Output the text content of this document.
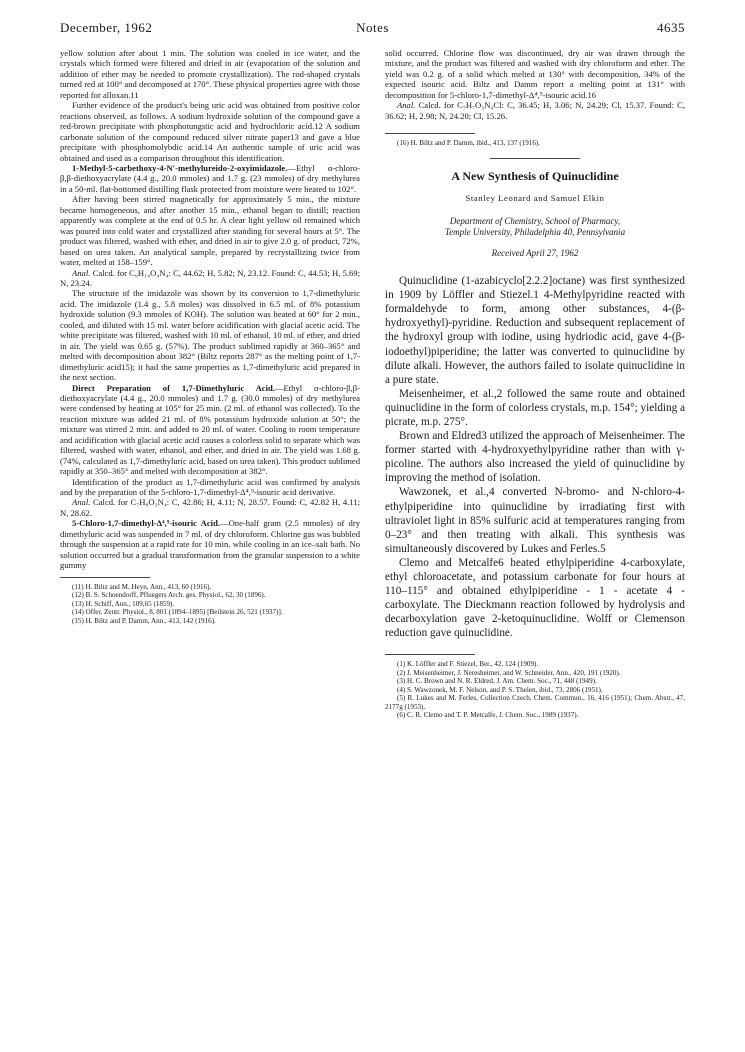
December, 1962	Notes	4635

yellow solution after about 1 min. The solution was cooled in ice water, and the crystals which formed were filtered and dried in air (evaporation of the solution and addition of ether may be needed to promote crystallization). The rod-shaped crystals turned red at 100° and decomposed at 170°. These physical properties agree with those reported for alloxan.11

Further evidence of the product's being uric acid was obtained from positive color reactions observed, as follows. A sodium hydroxide solution of the compound gave a red-brown precipitate with phosphotungstic acid and hydrochloric acid.12 A sodium carbonate solution of the compound reduced silver nitrate paper13 and gave a blue precipitate with phosphomolybdic acid.14 An authentic sample of uric acid was obtained and used as a comparison throughout this identification.

1-Methyl-5-carbethoxy-4-N′-methylureido-2-oxyimidazole.—Ethyl α-chloro-β,β-diethoxyacrylate (4.4 g., 20.0 mmoles) and 1.7 g. (23 mmoles) of dry methylurea in a 50-ml. flat-bottomed distilling flask protected from moisture were heated to 102°.

After having been stirred magnetically for approximately 5 min., the mixture became homogeneous, and after another 15 min., ethanol began to distill; reaction apparently was complete at the end of 0.5 hr. A clear light yellow oil remained which was poured into cold water and crystallized after standing for several hours at 5°. The product was filtered, washed with ether, and dried in air to give 2.0 g. of product, 72%, based on urea taken. An analytical sample, prepared by recrystallizing twice from water, melted at 158–159°.

Anal. Calcd. for C₉H₁₄O₄N₄: C, 44.62; H, 5.82; N, 23.12. Found: C, 44.53; H, 5.69; N, 23.24.

The structure of the imidazole was shown by its conversion to 1,7-dimethyluric acid. The imidazole (1.4 g., 5.8 moles) was dissolved in 6.5 ml. of 8% potassium hydroxide solution (9.3 mmoles of KOH). The solution was heated at 60° for 2 min., cooled, and diluted with 15 ml. water before acidification with glacial acetic acid. The white precipitate was filtered, washed with 10 ml. of ethanol, 10 ml. of ether, and dried in air. The yield was 0.65 g. (57%). The product sublimed rapidly at 360–365° and melted with decomposition about 382° (Biltz reports 287° as the melting point of 1,7-dimethyluric acid15); it had the same properties as 1,7-dimethyluric acid prepared in the next section.

Direct Preparation of 1,7-Dimethyluric Acid.—Ethyl α-chloro-β,β-diethoxyacrylate (4.4 g., 20.0 mmoles) and 1.7 g. (30.0 mmoles) of dry methylurea were condensed by heating at 105° for 25 min. (2 ml. of ethanol was collected). To the reaction mixture was added 21 ml. of 8% potassium hydroxide solution at 50°; the mixture was stirred 2 min. and added to 20 ml. of water. Cooling to room temperature and acidification with glacial acetic acid causes a colorless solid to separate which was filtered, washed with water, ethanol, and ether, and dried in air. The yield was 1.68 g. (74%, calculated as 1,7-dimethyluric acid, based on urea taken). This product sublimed rapidly at 350–365° and melted with decomposition at 382°.

Identification of the product as 1,7-dimethyluric acid was confirmed by analysis and by the preparation of the 5-chloro-1,7-dimethyl-Δ⁴,⁹-isouric acid derivative.

Anal. Calcd. for C₇H₈O₃N₄: C, 42.86; H, 4.11; N, 28.57. Found: C, 42.82 H, 4.11; N, 28.62.

5-Chloro-1,7-dimethyl-Δ⁴,⁹-isouric Acid.—One-half gram (2.5 mmoles) of dry dimethyluric acid was suspended in 7 ml. of dry chloroform. Chlorine gas was bubbled through the suspension at a rapid rate for 10 min. while cooling in an ice–salt bath. No solution occurred but a gradual transformation from the granular suspension to a white gummy

(11) H. Biltz and M. Heyn, Ann., 413, 60 (1916).

(12) B. S. Schoendorff, Pfluegers Arch. ges. Physiol., 62, 30 (1896).

(13) H. Schiff, Ann., 109,65 (1859).

(14) Offer, Zentr. Physiol., 8, 801 (1894–1895) [Beilstein 26, 521 (1937)].

(15) H. Biltz and P. Damm, Ann., 413, 142 (1916).

solid occurred. Chlorine flow was discontinued, dry air was drawn through the mixture, and the product was filtered and washed with dry chloroform and ether. The yield was 0.2 g. of a solid which melted at 130° with decomposition, 34% of the expected isouric acid. Biltz and Damm report a melting point at 131° with decomposition for 5-chloro-1,7-dimethyl-Δ⁴,⁹-isouric acid.16

Anal. Calcd. for C₇H₇O₃N₄Cl: C, 36.45; H, 3.06; N, 24.29; Cl, 15.37. Found: C, 36.62; H, 2.98; N, 24.20; Cl, 15.26.

(16) H. Biltz and P. Damm, ibid., 413, 137 (1916).

A New Synthesis of Quinuclidine
Stanley Leonard and Samuel Elkin
Department of Chemistry, School of Pharmacy,
Temple University, Philadelphia 40, Pennsylvania
Received April 27, 1962

Quinuclidine (1-azabicyclo[2.2.2]octane) was first synthesized in 1909 by Löffler and Stiezel.1 4-Methylpyridine reacted with formaldehyde to form, among other substances, 4-(β-hydroxyethyl)-pyridine. Reduction and subsequent replacement of the hydroxyl group with iodine, using hydriodic acid, gave 4-(β-iodoethyl)piperidine; the latter was converted to quinuclidine by dilute alkali. However, the authors failed to isolate quinuclidine in a pure state.

Meisenheimer, et al.,2 followed the same route and obtained quinuclidine in the form of colorless crystals, m.p. 154°; yielding a picrate, m.p. 275°.

Brown and Eldred3 utilized the approach of Meisenheimer. The former started with 4-hydroxyethylpyridine rather than with γ-picoline. The authors also increased the yield of quinuclidine by improving the method of isolation.

Wawzonek, et al.,4 converted N-bromo- and N-chloro-4-ethylpiperidine into quinuclidine by irradiating first with ultraviolet light in 85% sulfuric acid at temperatures ranging from 0–23° and then treating with alkali. This synthesis was simultaneously discovered by Lukes and Ferles.5

Clemo and Metcalfe6 heated ethylpiperidine 4-carboxylate, ethyl chloroacetate, and potassium carbonate for four hours at 110–115° and obtained ethylpiperidine - 1 - acetate 4 - carboxylate. The Dieckmann reaction followed by hydrolysis and decarboxylation gave 2-ketoquinuclidine. Wolff or Clemenson reduction gave quinuclidine.

(1) K. Löffler and F. Stiezel, Ber., 42, 124 (1909).

(2) J. Meisenheimer, J. Neresheimer, and W. Schneider, Ann., 420, 191 (1920).

(3) H. C. Brown and N. R. Eldred, J. Am. Chem. Soc., 71, 448 (1949).

(4) S. Wawzonek, M. F. Nelson, and P. S. Thelen, ibid., 73, 2806 (1951).

(5) R. Lukes and M. Ferles, Collection Czech. Chem. Commun., 16, 416 (1951); Chem. Abstr., 47, 2177g (1953).

(6) C. R. Clemo and T. P. Metcalfe, J. Chem. Soc., 1989 (1937).
